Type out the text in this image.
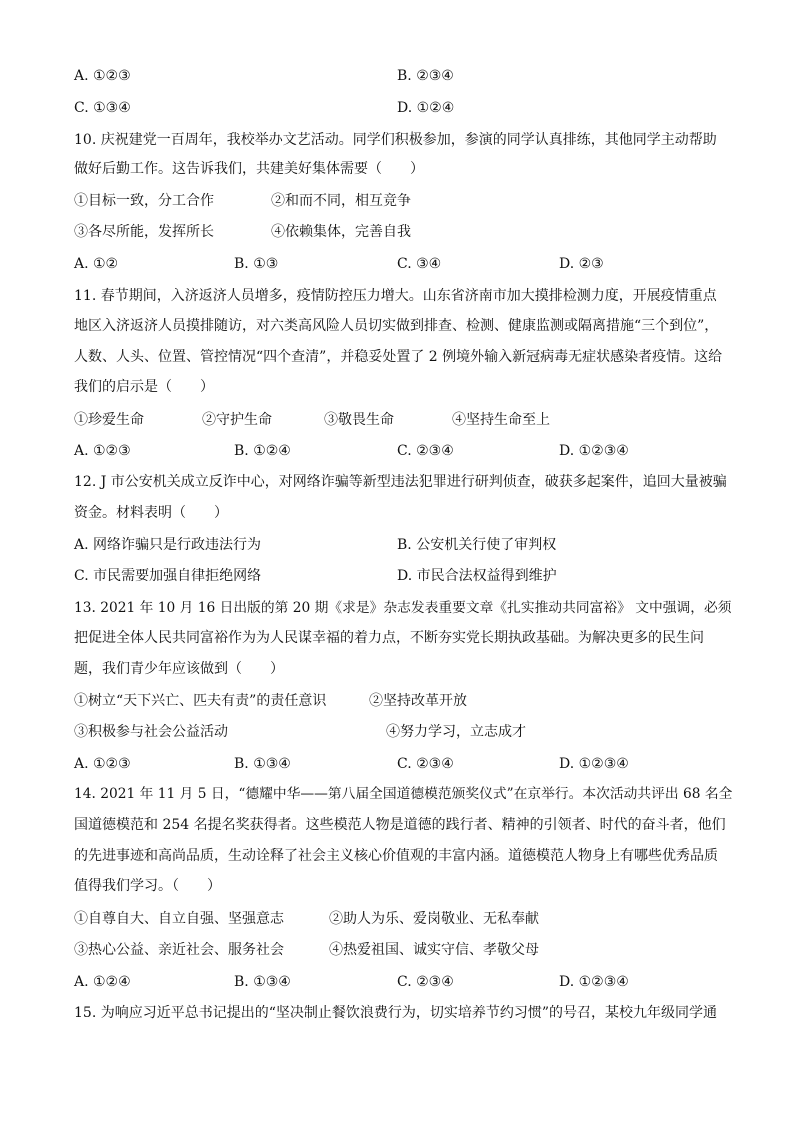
A. ①②③	B. ②③④
C. ①③④	D. ①②④
10. 庆祝建党一百周年，我校举办文艺活动。同学们积极参加，参演的同学认真排练，其他同学主动帮助
做好后勤工作。这告诉我们，共建美好集体需要（　　）
①目标一致，分工合作	②和而不同，相互竞争
③各尽所能，发挥所长	④依赖集体，完善自我
A. ①②	B. ①③	C. ③④	D. ②③
11. 春节期间，入济返济人员增多，疫情防控压力增大。山东省济南市加大摸排检测力度，开展疫情重点
地区入济返济人员摸排随访，对六类高风险人员切实做到排查、检测、健康监测或隔离措施“三个到位”，
人数、人头、位置、管控情况“四个查清”，并稳妥处置了 2 例境外输入新冠病毒无症状感染者疫情。这给
我们的启示是（　　）
①珍爱生命	②守护生命	③敬畏生命	④坚持生命至上
A. ①②③	B. ①②④	C. ②③④	D. ①②③④
12. J 市公安机关成立反诈中心，对网络诈骗等新型违法犯罪进行研判侦查，破获多起案件，追回大量被骗
资金。材料表明（　　）
A. 网络诈骗只是行政违法行为	B. 公安机关行使了审判权
C. 市民需要加强自律拒绝网络	D. 市民合法权益得到维护
13. 2021 年 10 月 16 日出版的第 20 期《求是》杂志发表重要文章《扎实推动共同富裕》 文中强调，必须
把促进全体人民共同富裕作为为人民谋幸福的着力点，不断夯实党长期执政基础。为解决更多的民生问
题，我们青少年应该做到（　　）
①树立“天下兴亡、匹夫有责”的责任意识	②坚持改革开放
③积极参与社会公益活动	④努力学习，立志成才
A. ①②③	B. ①③④	C. ②③④	D. ①②③④
14. 2021 年 11 月 5 日，“德耀中华——第八届全国道德模范颁奖仪式”在京举行。本次活动共评出 68 名全
国道德模范和 254 名提名奖获得者。这些模范人物是道德的践行者、精神的引领者、时代的奋斗者，他们
的先进事迹和高尚品质，生动诠释了社会主义核心价值观的丰富内涵。道德模范人物身上有哪些优秀品质
值得我们学习。（　　）
①自尊自大、自立自强、坚强意志	②助人为乐、爱岗敬业、无私奉献
③热心公益、亲近社会、服务社会	④热爱祖国、诚实守信、孝敬父母
A. ①②④	B. ①③④	C. ②③④	D. ①②③④
15. 为响应习近平总书记提出的“坚决制止餐饮浪费行为，切实培养节约习惯”的号召，某校九年级同学通
